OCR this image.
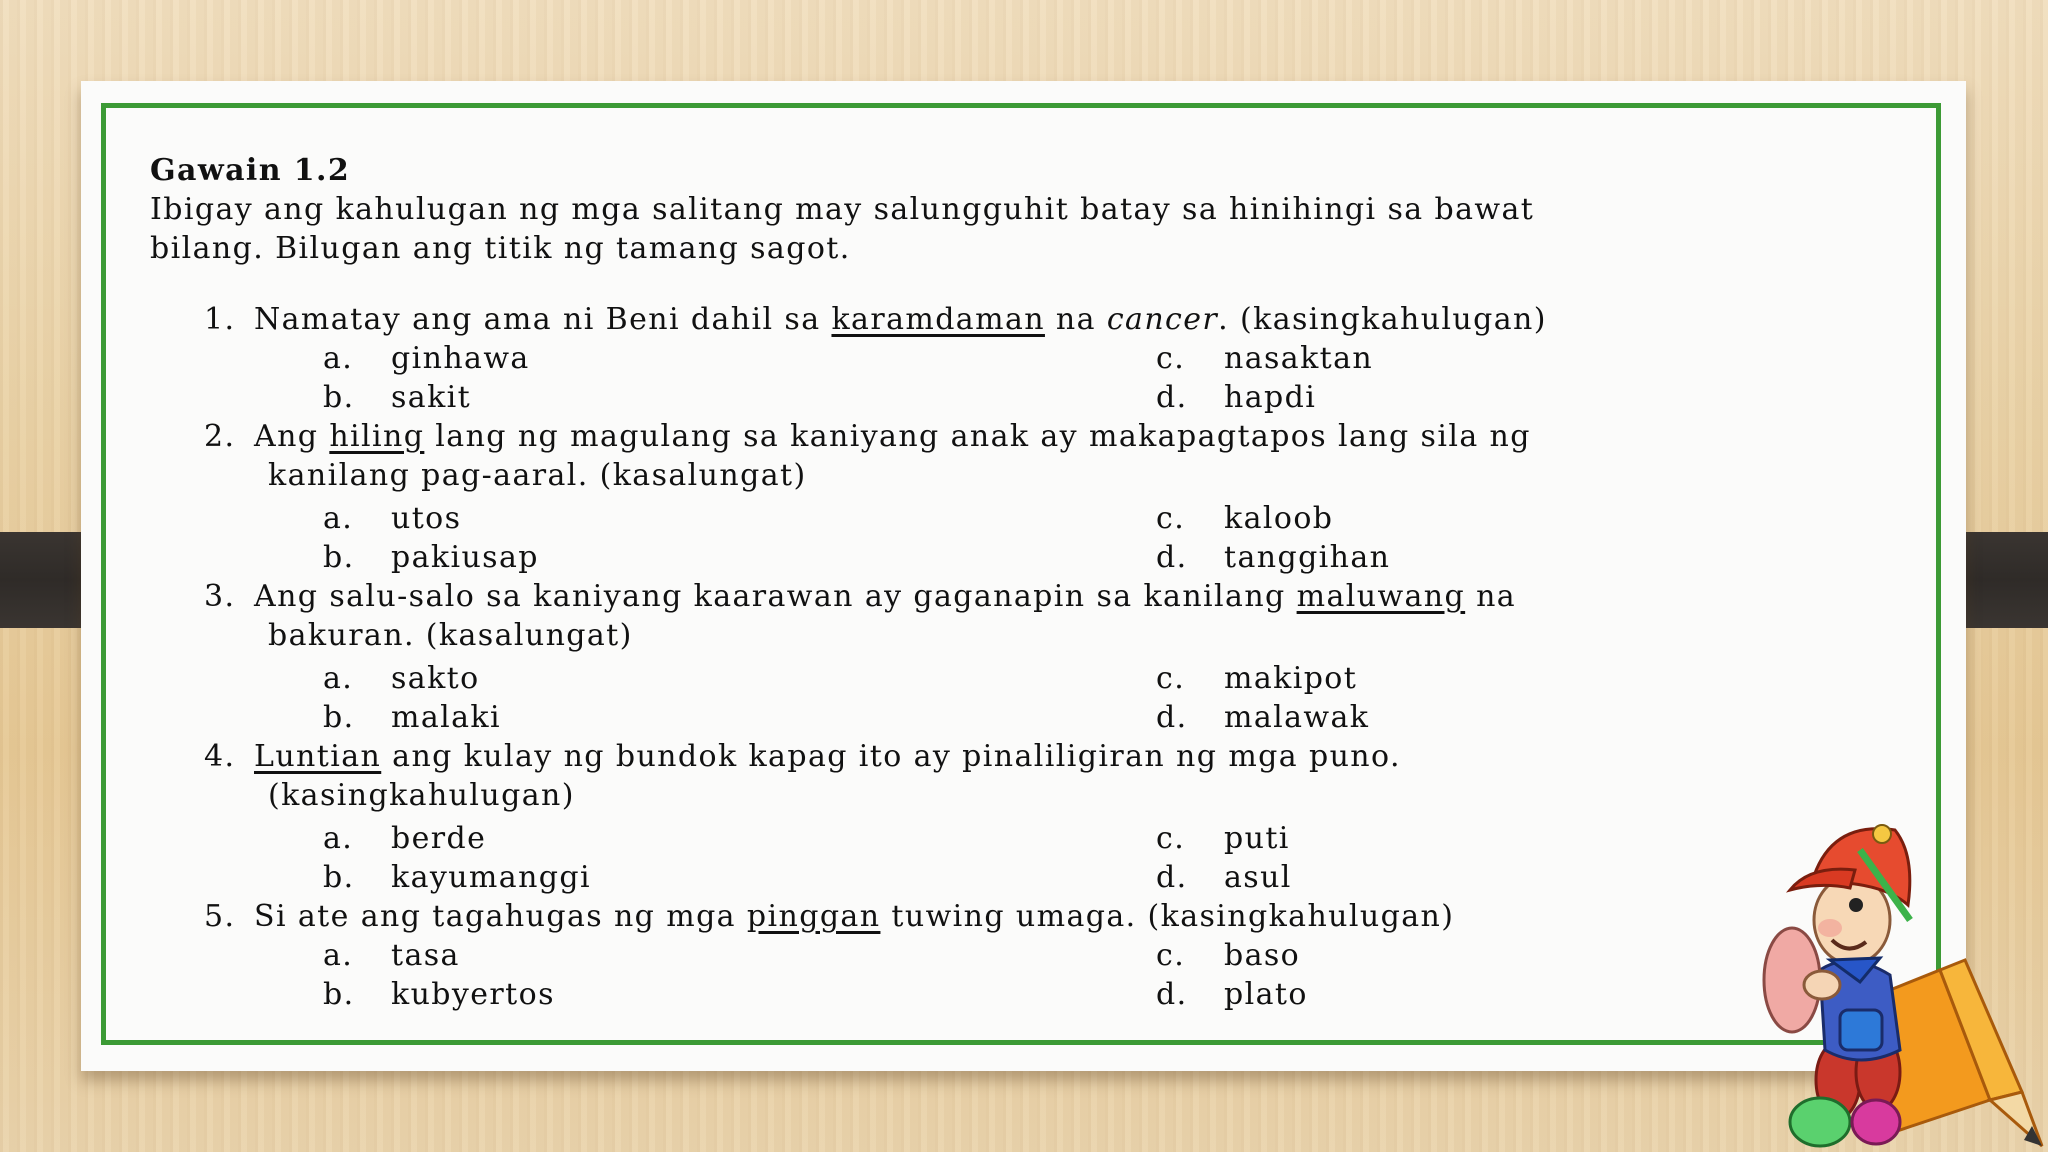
Gawain 1.2
Ibigay ang kahulugan ng mga salitang may salungguhit batay sa hinihingi sa bawat
bilang. Bilugan ang titik ng tamang sagot.
1. Namatay ang ama ni Beni dahil sa karamdaman na cancer. (kasingkahulugan)
a. ginhawa
b. sakit
c. nasaktan
d. hapdi
2. Ang hiling lang ng magulang sa kaniyang anak ay makapagtapos lang sila ng
kanilang pag-aaral. (kasalungat)
a. utos
b. pakiusap
c. kaloob
d. tanggihan
3. Ang salu-salo sa kaniyang kaarawan ay gaganapin sa kanilang maluwang na
bakuran. (kasalungat)
a. sakto
b. malaki
c. makipot
d. malawak
4. Luntian ang kulay ng bundok kapag ito ay pinaliligiran ng mga puno.
(kasingkahulugan)
a. berde
b. kayumanggi
c. puti
d. asul
5. Si ate ang tagahugas ng mga pinggan tuwing umaga. (kasingkahulugan)
a. tasa
b. kubyertos
c. baso
d. plato
